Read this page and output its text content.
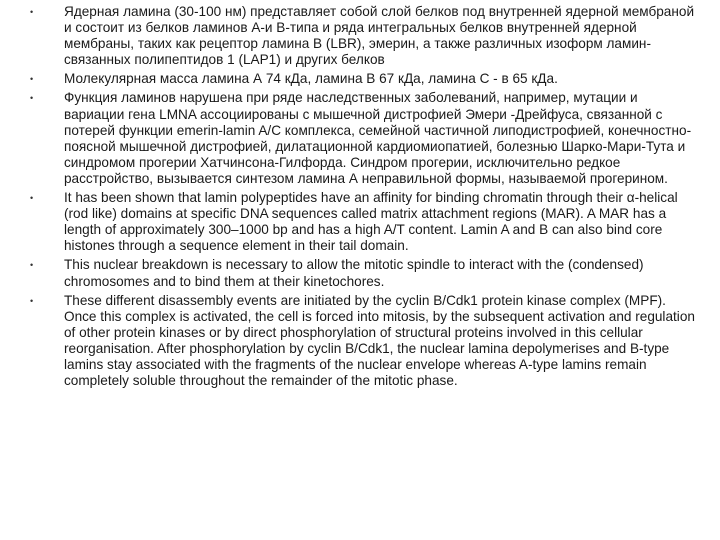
•	Ядерная ламина (30-100 нм) представляет собой слой белков под внутренней ядерной мембраной и состоит из белков ламинов А-и В-типа и ряда интегральных белков внутренней ядерной мембраны, таких как рецептор ламина B (LBR), эмерин, а также различных изоформ ламин-связанных полипептидов 1 (LAP1) и других белков
•	Молекулярная масса ламина А 74 кДа, ламина В 67 кДа, ламина С - в 65 кДа.
•	Функция ламинов нарушена при ряде наследственных заболеваний, например, мутации и вариации гена LMNA ассоциированы с мышечной дистрофией Эмери -Дрейфуса, связанной с потерей функции emerin-lamin A/C комплекса, семейной частичной липодистрофией, конечностно-поясной мышечной дистрофией, дилатационной кардиомиопатией, болезнью Шарко-Мари-Тута и синдромом прогерии Хатчинсона-Гилфорда. Синдром прогерии, исключительно редкое расстройство, вызывается синтезом ламина А неправильной формы, называемой прогерином.
•	It has been shown that lamin polypeptides have an affinity for binding chromatin through their α-helical (rod like) domains at specific DNA sequences called matrix attachment regions (MAR). A MAR has a length of approximately 300–1000 bp and has a high A/T content. Lamin A and B can also bind core histones through a sequence element in their tail domain.
•	This nuclear breakdown is necessary to allow the mitotic spindle to interact with the (condensed) chromosomes and to bind them at their kinetochores.
•	These different disassembly events are initiated by the cyclin B/Cdk1 protein kinase complex (MPF). Once this complex is activated, the cell is forced into mitosis, by the subsequent activation and regulation of other protein kinases or by direct phosphorylation of structural proteins involved in this cellular reorganisation. After phosphorylation by cyclin B/Cdk1, the nuclear lamina depolymerises and B-type lamins stay associated with the fragments of the nuclear envelope whereas A-type lamins remain completely soluble throughout the remainder of the mitotic phase.
